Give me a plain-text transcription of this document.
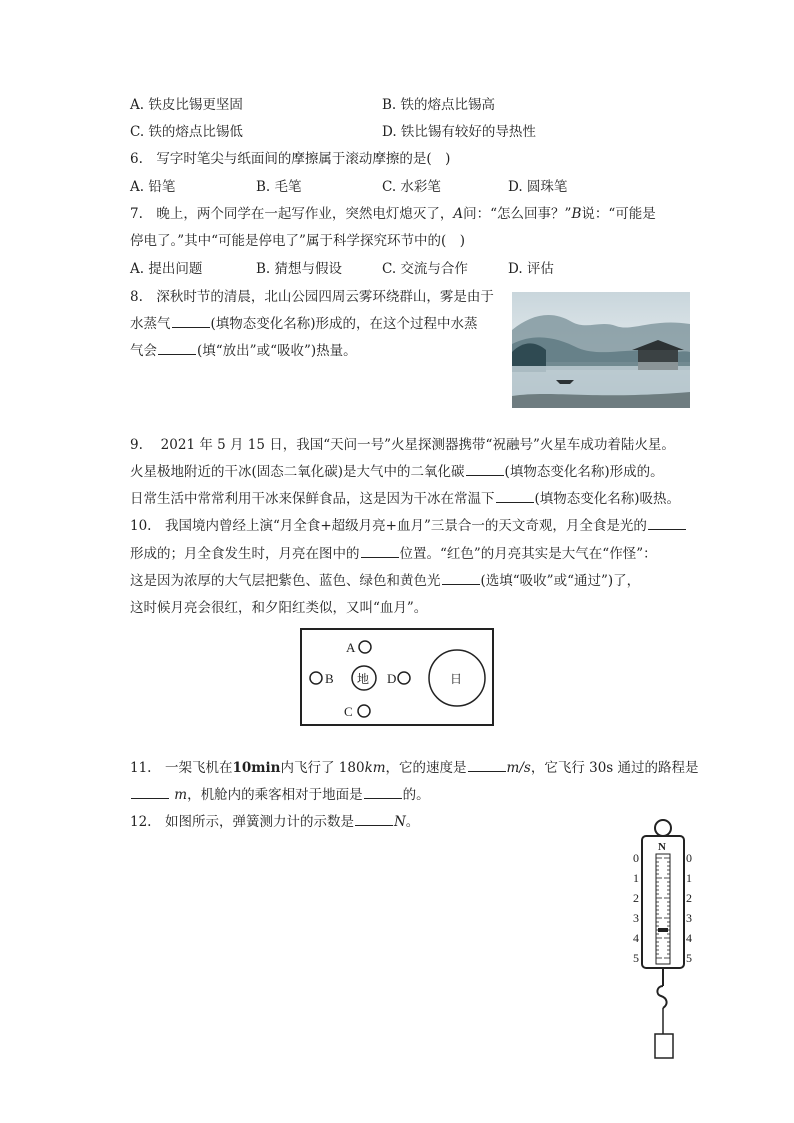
A. 铁皮比锡更坚固	B. 铁的熔点比锡高
C. 铁的熔点比锡低	D. 铁比锡有较好的导热性
6.　写字时笔尖与纸面间的摩擦属于滚动摩擦的是(　)
A. 铅笔	B. 毛笔	C. 水彩笔	D. 圆珠笔
7.　晚上，两个同学在一起写作业，突然电灯熄灭了，A问：“怎么回事？”B说：“可能是
停电了。”其中“可能是停电了”属于科学探究环节中的(　)
A. 提出问题	B. 猜想与假设	C. 交流与合作	D. 评估
8.　深秋时节的清晨，北山公园四周云雾环绕群山，雾是由于
水蒸气	(填物态变化名称)形成的，在这个过程中水蒸
气会	(填“放出”或“吸收”)热量。
9.　 2021 年 5 月 15 日，我国“天问一号”火星探测器携带“祝融号”火星车成功着陆火星。
火星极地附近的干冰(固态二氧化碳)是大气中的二氧化碳	(填物态变化名称)形成的。
日常生活中常常利用干冰来保鲜食品，这是因为干冰在常温下	(填物态变化名称)吸热。
10.　我国境内曾经上演“月全食+超级月亮+血月”三景合一的天文奇观，月全食是光的
形成的；月全食发生时，月亮在图中的	位置。“红色”的月亮其实是大气在“作怪”：
这是因为浓厚的大气层把紫色、蓝色、绿色和黄色光	(选填“吸收”或“通过”)了，
这时候月亮会很红，和夕阳红类似，又叫“血月”。
A
B 地 D	日
C
11.　一架飞机在10min内飞行了 180km，它的速度是	m/s，它飞行 30s 通过的路程是
m，机舱内的乘客相对于地面是	的。
12.　如图所示，弹簧测力计的示数是	N。
N
0
1
2
3
4
5
0
1
2
3
4
5
